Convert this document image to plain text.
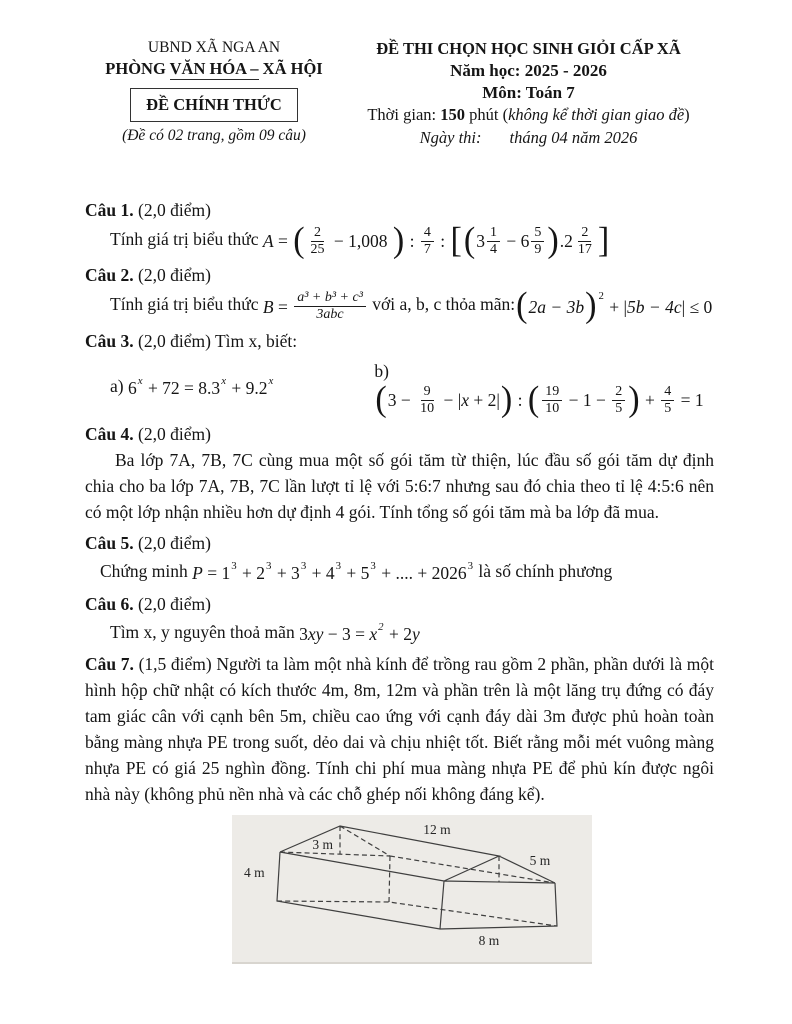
UBND XÃ NGA AN
PHÒNG VĂN HÓA – XÃ HỘI
ĐỀ CHÍNH THỨC
(Đề có 02 trang, gồm 09 câu)
ĐỀ THI CHỌN HỌC SINH GIỎI CẤP XÃ
Năm học: 2025 - 2026
Môn: Toán 7
Thời gian: 150 phút (không kể thời gian giao đề)
Ngày thi: tháng 04 năm 2026

Câu 1. (2,0 điểm)

Tính giá trị biểu thức A = ( $\frac{2}{25} - 1,008$ ) : $\frac{4}{7}$ : [ ( $3 \frac{1}{4} - 6 \frac{5}{9}$ ) . $2 \frac{2}{17}$ ]

Câu 2. (2,0 điểm)

Tính giá trị biểu thức $B = \frac{\text{a³ + b³ + c³}}{\text{3abc}}$ với a, b, c thỏa mãn: ( 2a − 3b )$^2$
+ | 5b − 4c | ≤ 0

Câu 3. (2,0 điểm) Tìm x, biết:

a) $6^x + 72 = 8.3^x + 9.2^x$
b)
( $3 - \frac{9}{10}$ − | x + 2 | ) : ( $\frac{19}{10} - 1 - \frac{2}{5}$ ) + $\frac{4}{5} = 1$

Câu 4. (2,0 điểm)

Ba lớp 7A, 7B, 7C cùng mua một số gói tăm từ thiện, lúc đầu số gói tăm dự định chia cho ba lớp 7A, 7B, 7C lần lượt tỉ lệ với 5:6:7 nhưng sau đó chia theo tỉ lệ 4:5:6 nên có một lớp nhận nhiều hơn dự định 4 gói. Tính tổng số gói tăm mà ba lớp đã mua.

Câu 5. (2,0 điểm)

Chứng minh $P = 1^3 + 2^3 + 3^3 + 4^3 + 5^3$ + .... + $2026^3$ là số chính phương

Câu 6. (2,0 điểm)

Tìm x, y nguyên thoả mãn 3 xy − $3 = x^2 + 2$ y

Câu 7. (1,5 điểm) Người ta làm một nhà kính để trồng rau gồm 2 phần, phần dưới là một hình hộp chữ nhật có kích thước 4m, 8m, 12m và phần trên là một lăng trụ đứng có đáy tam giác cân với cạnh bên 5m, chiều cao ứng với cạnh đáy dài 3m được phủ hoàn toàn bằng màng nhựa PE trong suốt, dẻo dai và chịu nhiệt tốt. Biết rằng mỗi mét vuông màng nhựa PE có giá 25 nghìn đồng. Tính chi phí mua màng nhựa PE để phủ kín được ngôi nhà này (không phủ nền nhà và các chỗ ghép nối không đáng kể).

3 m
12 m
5 m
4 m
8 m
